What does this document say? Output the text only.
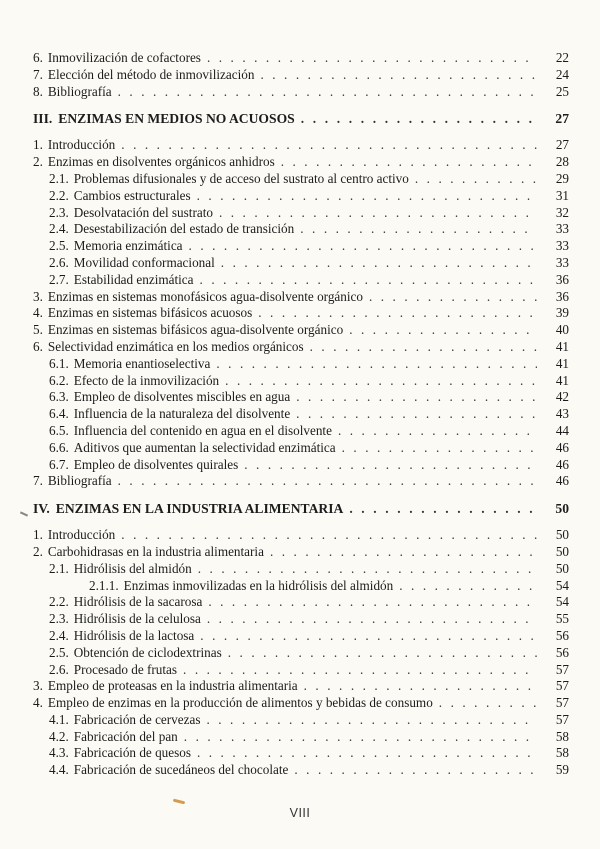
6. Inmovilización de cofactores . . .	22
7. Elección del método de inmovilización . . .	24
8. Bibliografía . . .	25
III. ENZIMAS EN MEDIOS NO ACUOSOS . . .	27
1. Introducción . . .	27
2. Enzimas en disolventes orgánicos anhidros . . .	28
2.1. Problemas difusionales y de acceso del sustrato al centro activo . . .	29
2.2. Cambios estructurales . . .	31
2.3. Desolvatación del sustrato . . .	32
2.4. Desestabilización del estado de transición . . .	33
2.5. Memoria enzimática . . .	33
2.6. Movilidad conformacional . . .	33
2.7. Estabilidad enzimática . . .	36
3. Enzimas en sistemas monofásicos agua-disolvente orgánico . . .	36
4. Enzimas en sistemas bifásicos acuosos . . .	39
5. Enzimas en sistemas bifásicos agua-disolvente orgánico . . .	40
6. Selectividad enzimática en los medios orgánicos . . .	41
6.1. Memoria enantioselectiva . . .	41
6.2. Efecto de la inmovilización . . .	41
6.3. Empleo de disolventes miscibles en agua . . .	42
6.4. Influencia de la naturaleza del disolvente . . .	43
6.5. Influencia del contenido en agua en el disolvente . . .	44
6.6. Aditivos que aumentan la selectividad enzimática . . .	46
6.7. Empleo de disolventes quirales . . .	46
7. Bibliografía . . .	46
IV. ENZIMAS EN LA INDUSTRIA ALIMENTARIA . . .	50
1. Introducción . . .	50
2. Carbohidrasas en la industria alimentaria . . .	50
2.1. Hidrólisis del almidón . . .	50
2.1.1. Enzimas inmovilizadas en la hidrólisis del almidón . . .	54
2.2. Hidrólisis de la sacarosa . . .	54
2.3. Hidrólisis de la celulosa . . .	55
2.4. Hidrólisis de la lactosa . . .	56
2.5. Obtención de ciclodextrinas . . .	56
2.6. Procesado de frutas . . .	57
3. Empleo de proteasas en la industria alimentaria . . .	57
4. Empleo de enzimas en la producción de alimentos y bebidas de consumo . . .	57
4.1. Fabricación de cervezas . . .	57
4.2. Fabricación del pan . . .	58
4.3. Fabricación de quesos . . .	58
4.4. Fabricación de sucedáneos del chocolate . . .	59
VIII
